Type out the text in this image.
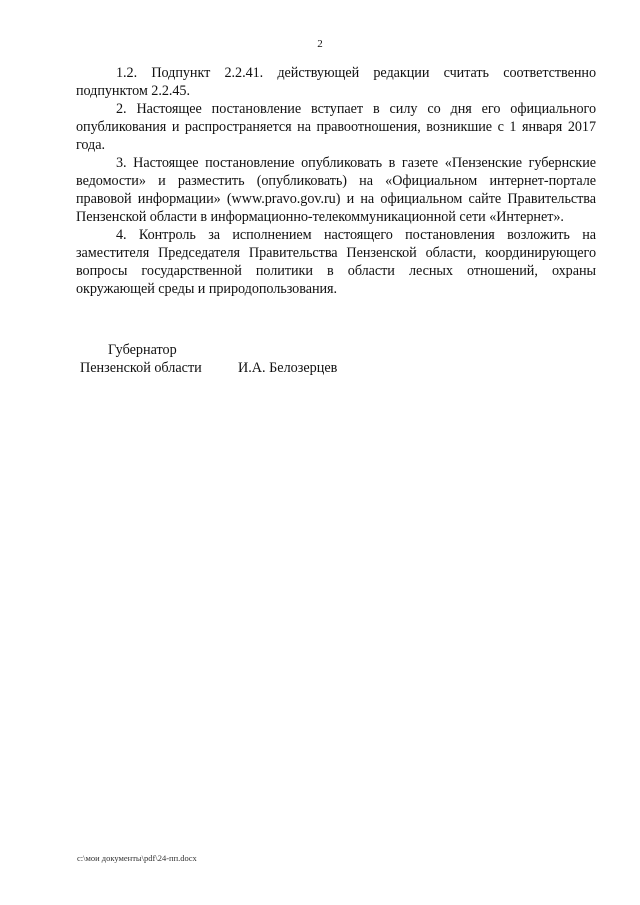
2

1.2. Подпункт 2.2.41. действующей редакции считать соответственно подпунктом 2.2.45.

2. Настоящее постановление вступает в силу со дня его официального опубликования и распространяется на правоотношения, возникшие с 1 января 2017 года.

3. Настоящее постановление опубликовать в газете «Пензенские губернские ведомости» и разместить (опубликовать) на «Официальном интернет-портале правовой информации» (www.pravo.gov.ru) и на официальном сайте Правительства Пензенской области в информационно-телекоммуникационной сети «Интернет».

4. Контроль за исполнением настоящего постановления возложить на заместителя Председателя Правительства Пензенской области, координирующего вопросы государственной политики в области лесных отношений, охраны окружающей среды и природопользования.

Губернатор
Пензенской области	И.А. Белозерцев
c:\мои документы\pdf\24-пп.docx
